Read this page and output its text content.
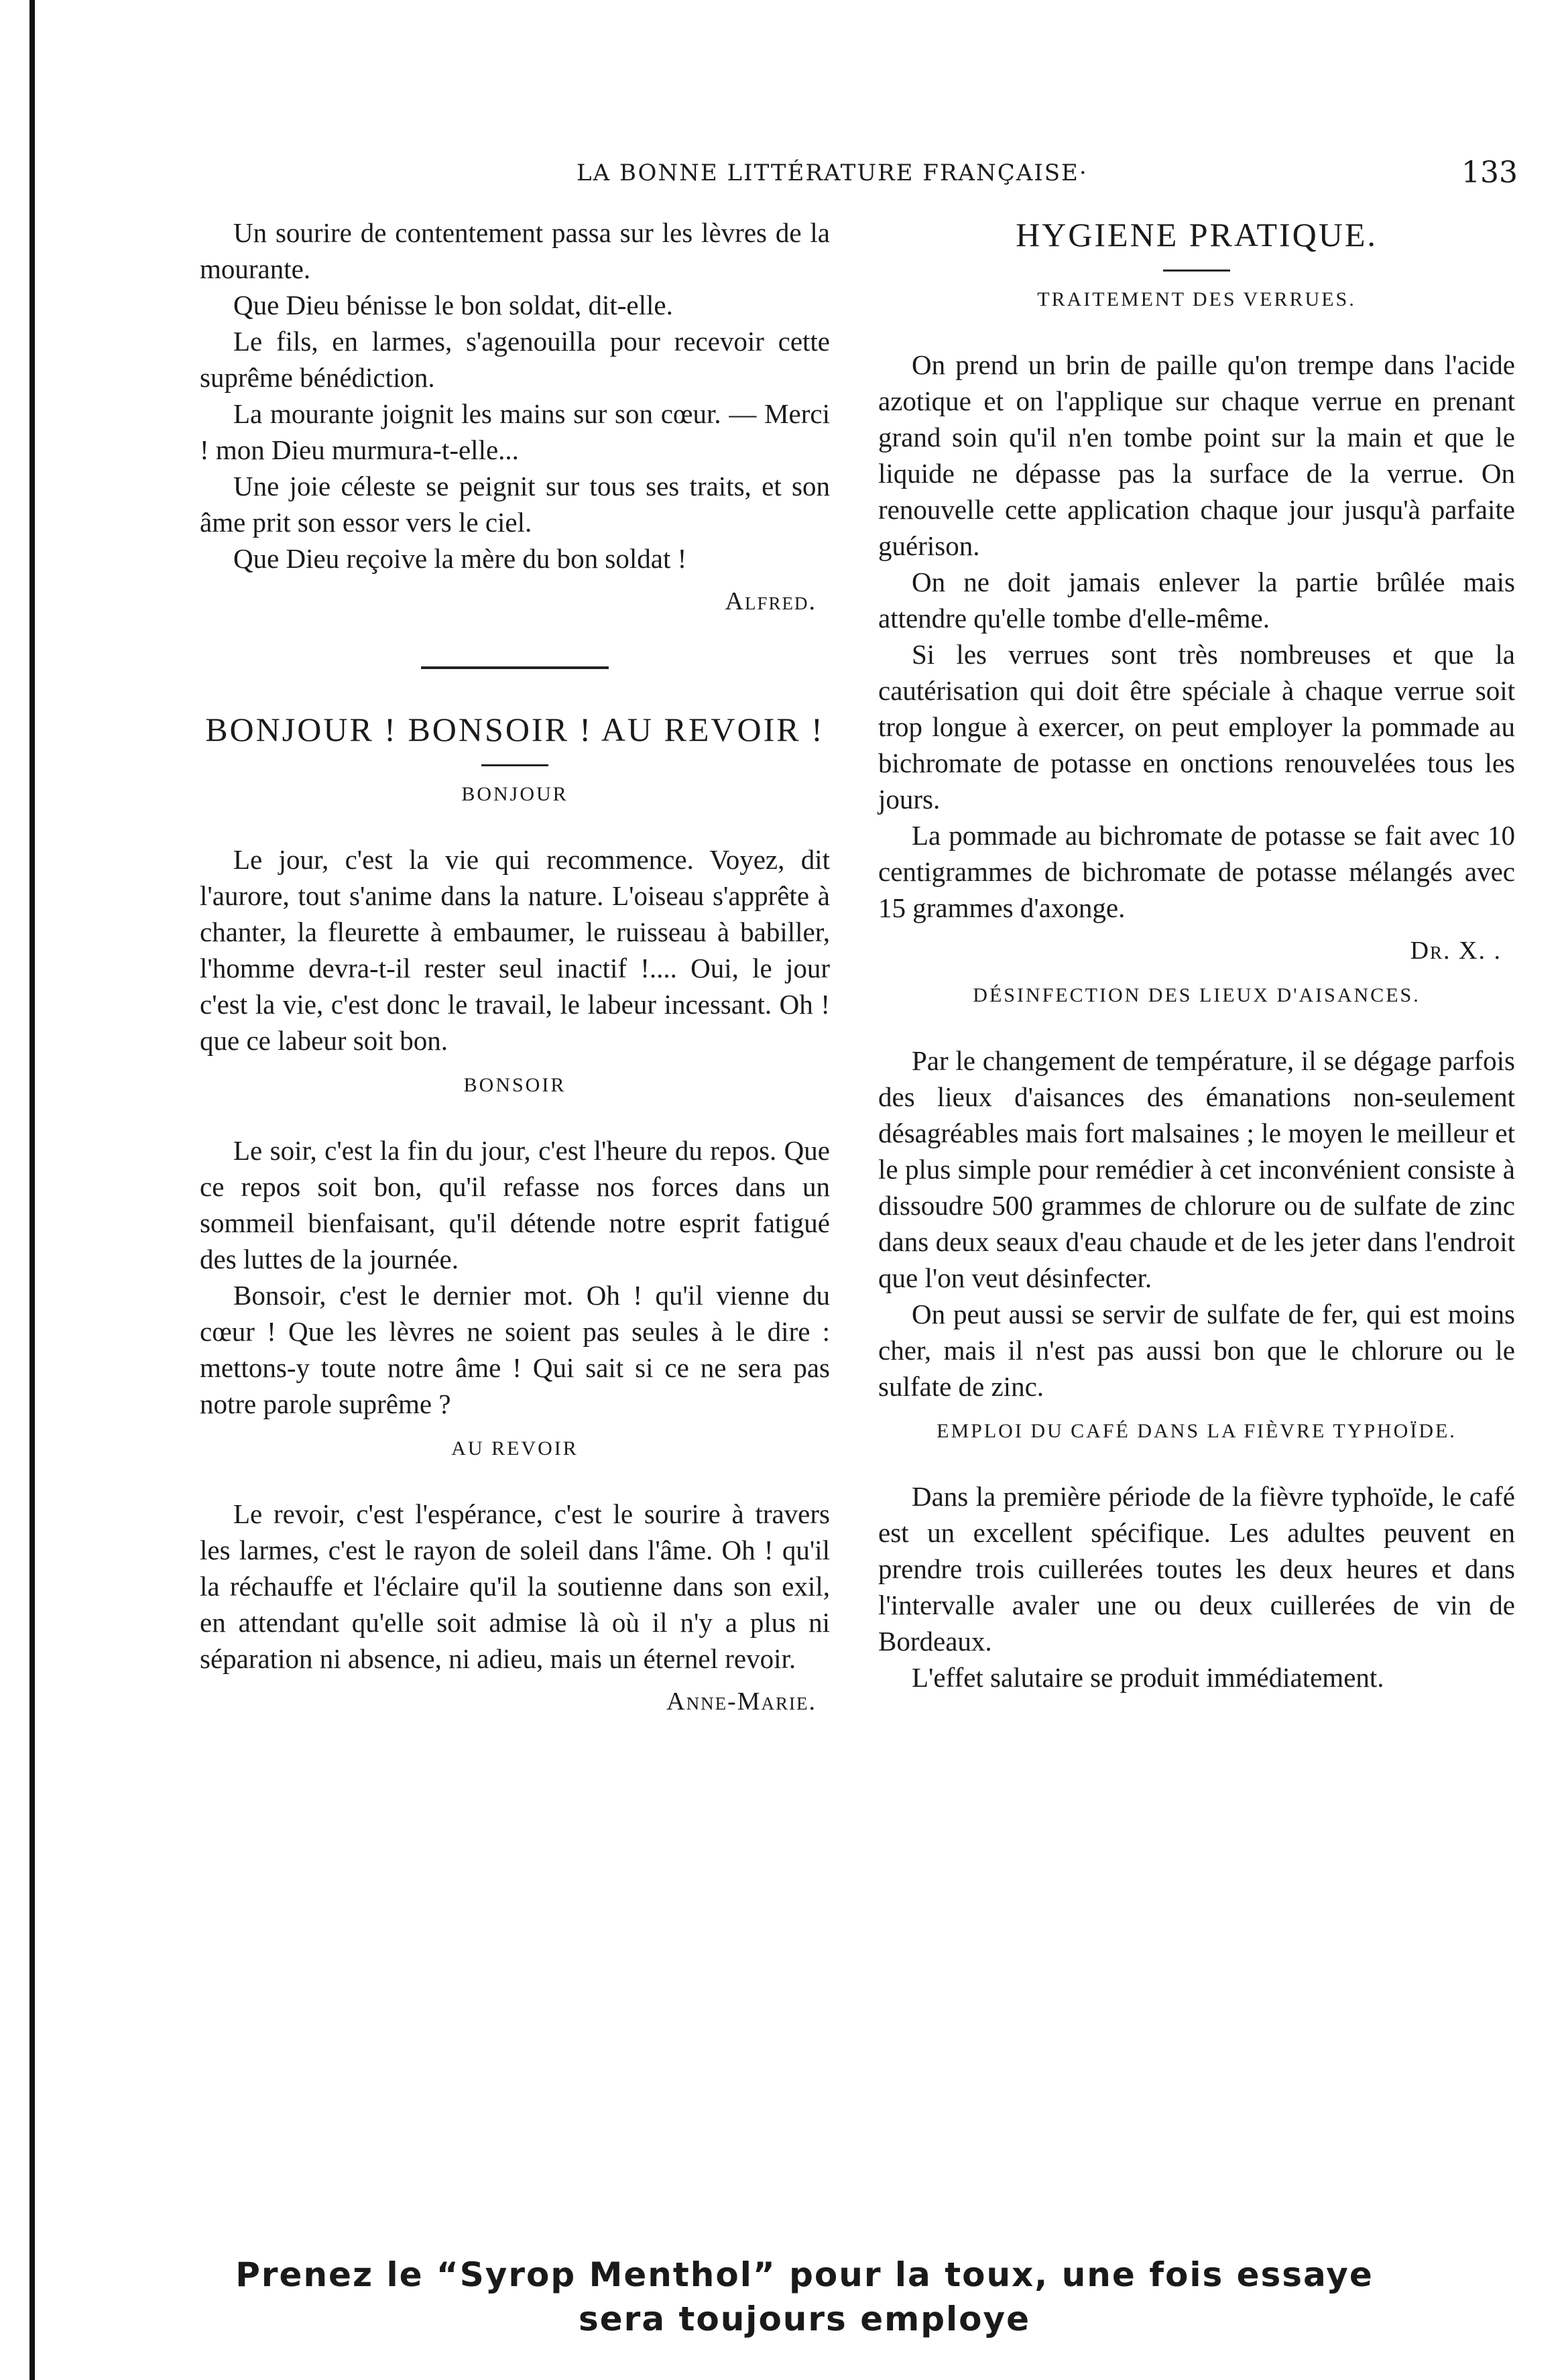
LA BONNE LITTÉRATURE FRANÇAISE·	133

Un sourire de contentement passa sur les lèvres de la mourante.

Que Dieu bénisse le bon soldat, dit-elle.

Le fils, en larmes, s'agenouilla pour recevoir cette suprême bénédiction.

La mourante joignit les mains sur son cœur. — Merci ! mon Dieu murmura-t-elle...

Une joie céleste se peignit sur tous ses traits, et son âme prit son essor vers le ciel.

Que Dieu reçoive la mère du bon soldat !

Alfred.
BONJOUR ! BONSOIR ! AU REVOIR !
BONJOUR

Le jour, c'est la vie qui recommence. Voyez, dit l'aurore, tout s'anime dans la nature. L'oiseau s'apprête à chanter, la fleurette à embaumer, le ruisseau à babiller, l'homme devra-t-il rester seul inactif !.... Oui, le jour c'est la vie, c'est donc le travail, le labeur incessant. Oh ! que ce labeur soit bon.

BONSOIR

Le soir, c'est la fin du jour, c'est l'heure du repos. Que ce repos soit bon, qu'il refasse nos forces dans un sommeil bienfaisant, qu'il détende notre esprit fatigué des luttes de la journée.

Bonsoir, c'est le dernier mot. Oh ! qu'il vienne du cœur ! Que les lèvres ne soient pas seules à le dire : mettons-y toute notre âme ! Qui sait si ce ne sera pas notre parole suprême ?

AU REVOIR

Le revoir, c'est l'espérance, c'est le sourire à travers les larmes, c'est le rayon de soleil dans l'âme. Oh ! qu'il la réchauffe et l'éclaire qu'il la soutienne dans son exil, en attendant qu'elle soit admise là où il n'y a plus ni séparation ni absence, ni adieu, mais un éternel revoir.

Anne-Marie.
HYGIENE PRATIQUE.
TRAITEMENT DES VERRUES.

On prend un brin de paille qu'on trempe dans l'acide azotique et on l'applique sur chaque verrue en prenant grand soin qu'il n'en tombe point sur la main et que le liquide ne dépasse pas la surface de la verrue. On renouvelle cette application chaque jour jusqu'à parfaite guérison.

On ne doit jamais enlever la partie brûlée mais attendre qu'elle tombe d'elle-même.

Si les verrues sont très nombreuses et que la cautérisation qui doit être spéciale à chaque verrue soit trop longue à exercer, on peut employer la pommade au bichromate de potasse en onctions renouvelées tous les jours.

La pommade au bichromate de potasse se fait avec 10 centigrammes de bichromate de potasse mélangés avec 15 grammes d'axonge.

Dr. X. .
DÉSINFECTION DES LIEUX D'AISANCES.

Par le changement de température, il se dégage parfois des lieux d'aisances des émanations non-seulement désagréables mais fort malsaines ; le moyen le meilleur et le plus simple pour remédier à cet inconvénient consiste à dissoudre 500 grammes de chlorure ou de sulfate de zinc dans deux seaux d'eau chaude et de les jeter dans l'endroit que l'on veut désinfecter.

On peut aussi se servir de sulfate de fer, qui est moins cher, mais il n'est pas aussi bon que le chlorure ou le sulfate de zinc.

EMPLOI DU CAFÉ DANS LA FIÈVRE TYPHOÏDE.

Dans la première période de la fièvre typhoïde, le café est un excellent spécifique. Les adultes peuvent en prendre trois cuillerées toutes les deux heures et dans l'intervalle avaler une ou deux cuillerées de vin de Bordeaux.

L'effet salutaire se produit immédiatement.

Prenez le “Syrop Menthol” pour la toux, une fois essaye
sera toujours employe
